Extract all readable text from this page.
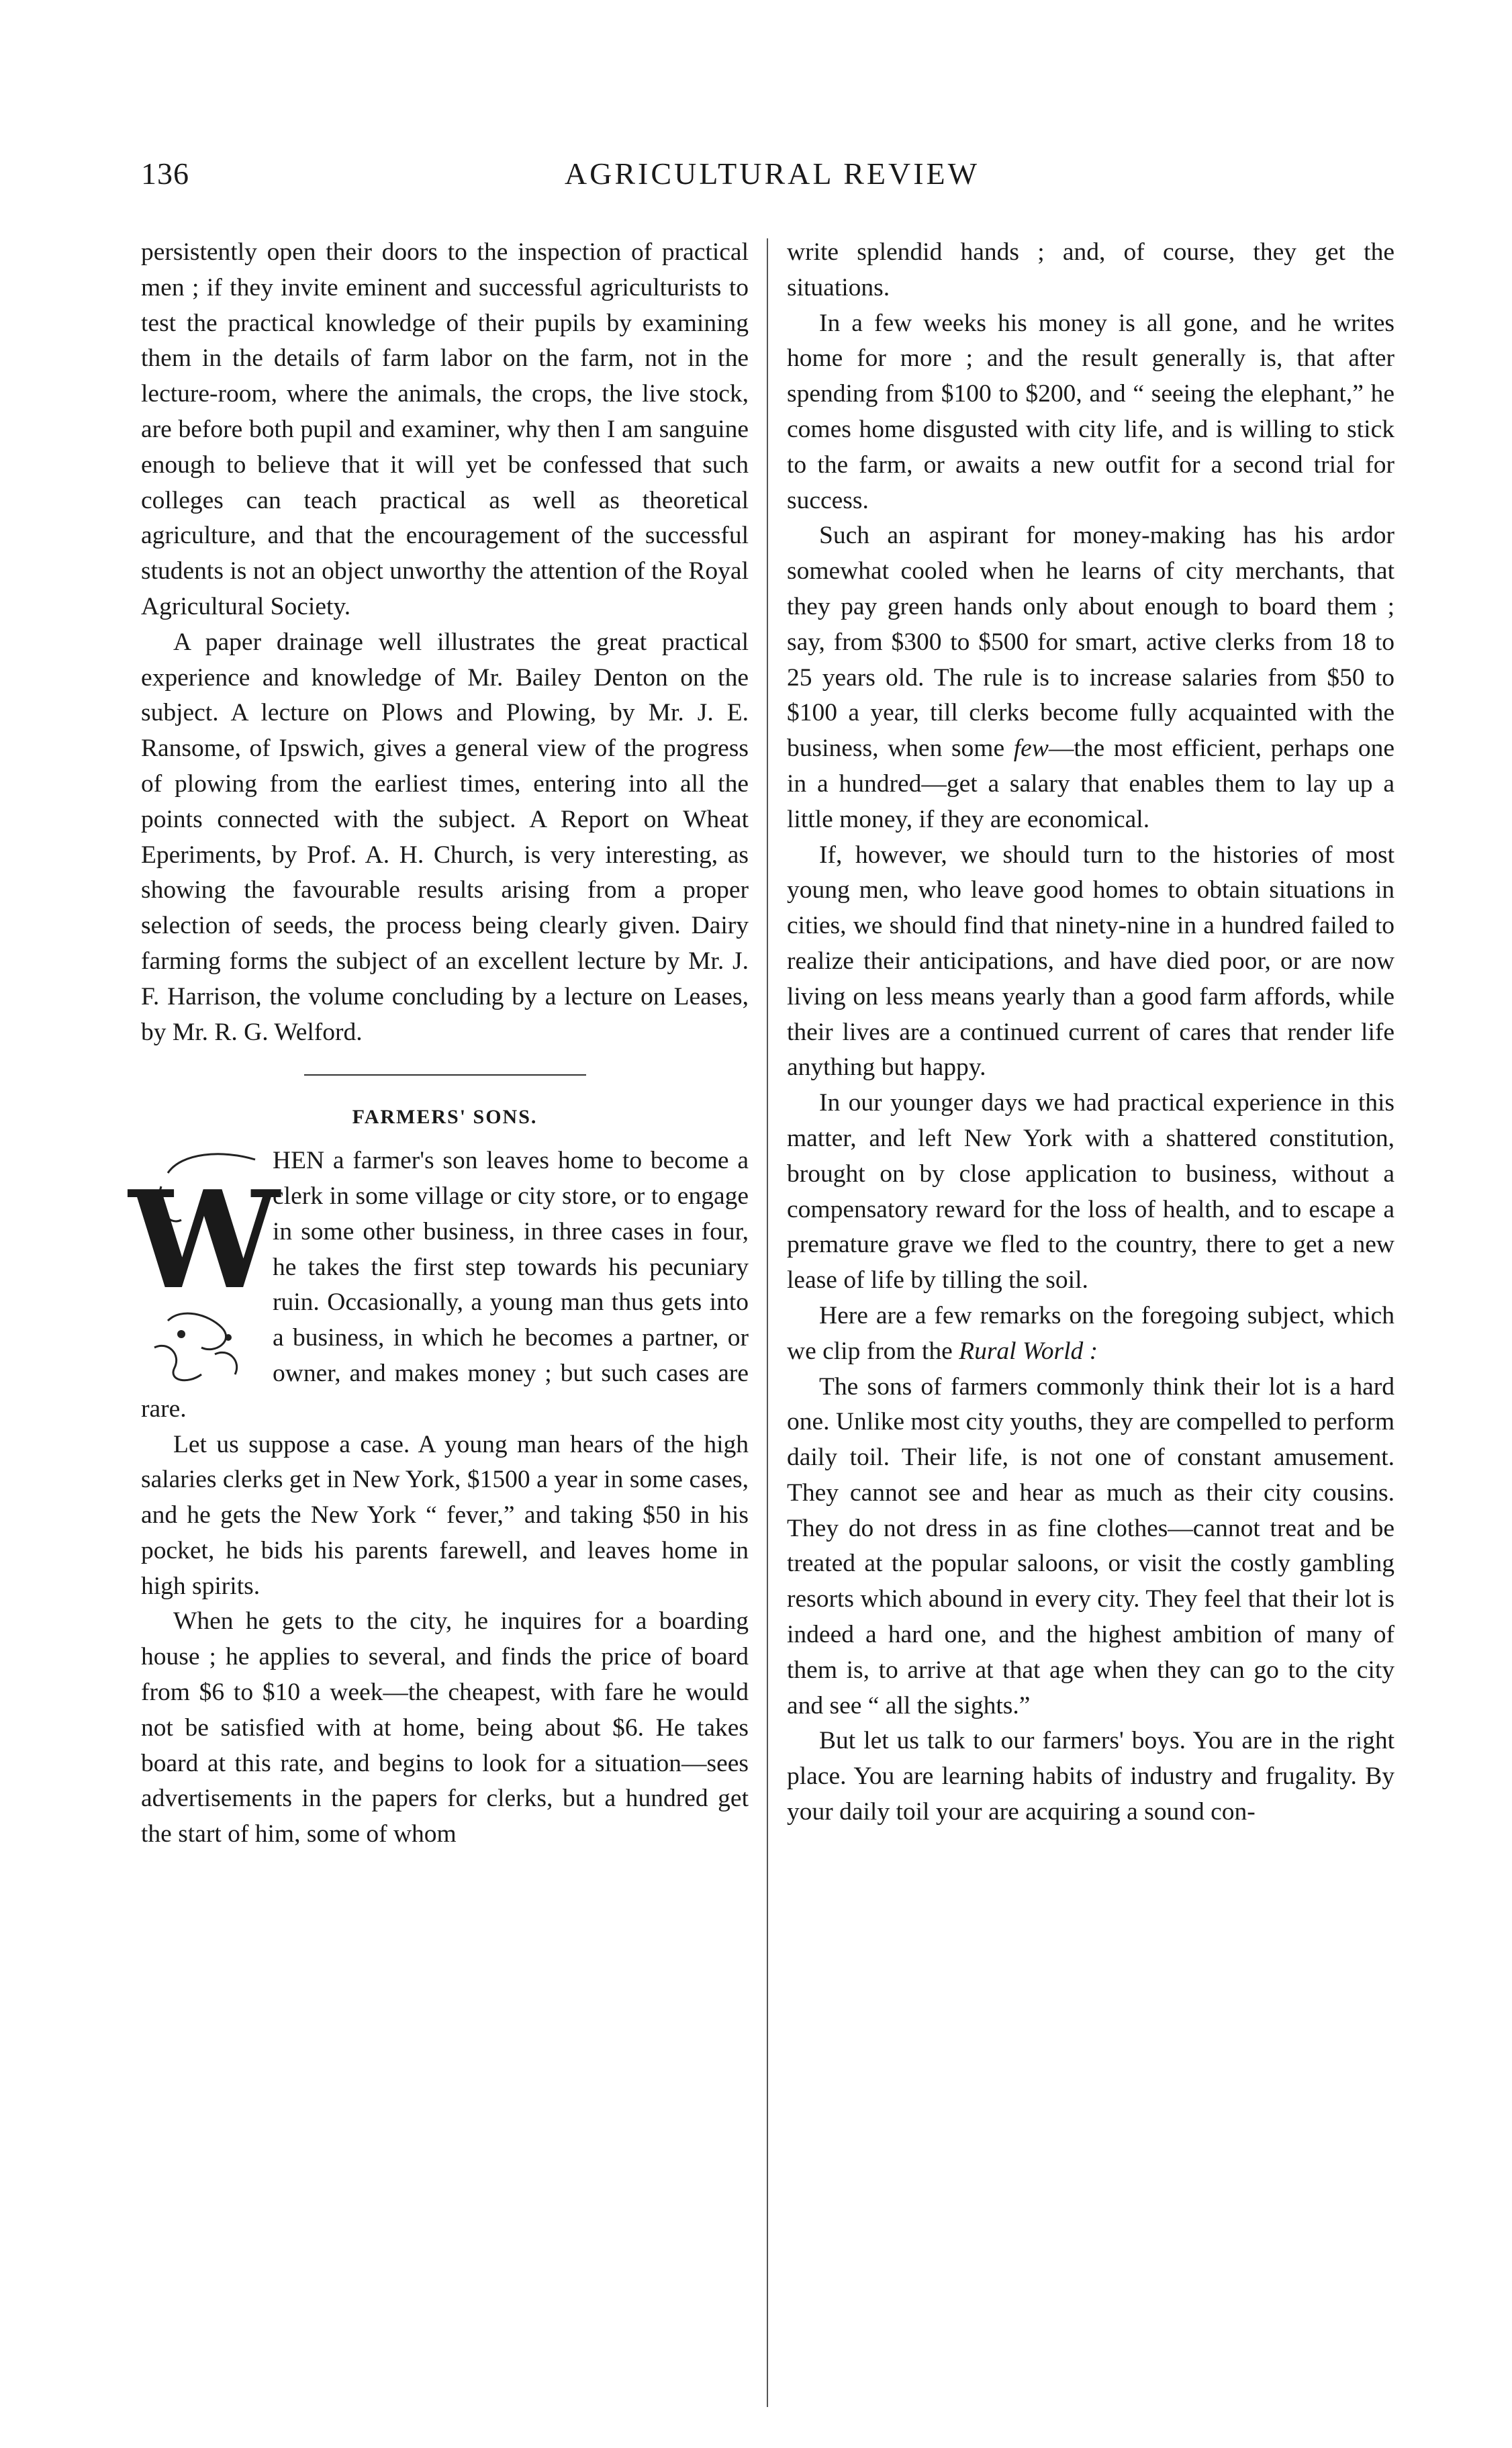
136	AGRICULTURAL REVIEW

persistently open their doors to the inspection of practical men ; if they invite eminent and successful agriculturists to test the practical knowledge of their pupils by examining them in the details of farm labor on the farm, not in the lecture-room, where the animals, the crops, the live stock, are before both pupil and examiner, why then I am sanguine enough to believe that it will yet be confessed that such colleges can teach practical as well as theoretical agriculture, and that the encouragement of the successful students is not an object unworthy the attention of the Royal Agricultural Society.

A paper drainage well illustrates the great practical experience and knowledge of Mr. Bailey Denton on the subject. A lecture on Plows and Plowing, by Mr. J. E. Ransome, of Ipswich, gives a general view of the progress of plowing from the earliest times, entering into all the points connected with the subject. A Report on Wheat Eperiments, by Prof. A. H. Church, is very interesting, as showing the favourable results arising from a proper selection of seeds, the process being clearly given. Dairy farming forms the subject of an excellent lecture by Mr. J. F. Harrison, the volume concluding by a lecture on Leases, by Mr. R. G. Welford.

FARMERS' SONS.
W

HEN a farmer's son leaves home to become a clerk in some village or city store, or to engage in some other business, in three cases in four, he takes the first step towards his pecuniary ruin. Occasionally, a young man thus gets into a business, in which he becomes a partner, or owner, and makes money ; but such cases are rare.

Let us suppose a case. A young man hears of the high salaries clerks get in New York, $1500 a year in some cases, and he gets the New York “ fever,” and taking $50 in his pocket, he bids his parents farewell, and leaves home in high spirits.

When he gets to the city, he inquires for a boarding house ; he applies to several, and finds the price of board from $6 to $10 a week—the cheapest, with fare he would not be satisfied with at home, being about $6. He takes board at this rate, and begins to look for a situation—sees advertisements in the papers for clerks, but a hundred get the start of him, some of whom

write splendid hands ; and, of course, they get the situations.

In a few weeks his money is all gone, and he writes home for more ; and the result generally is, that after spending from $100 to $200, and “ seeing the elephant,” he comes home disgusted with city life, and is willing to stick to the farm, or awaits a new outfit for a second trial for success.

Such an aspirant for money-making has his ardor somewhat cooled when he learns of city merchants, that they pay green hands only about enough to board them ; say, from $300 to $500 for smart, active clerks from 18 to 25 years old. The rule is to increase salaries from $50 to $100 a year, till clerks become fully acquainted with the business, when some few—the most efficient, perhaps one in a hundred—get a salary that enables them to lay up a little money, if they are economical.

If, however, we should turn to the histories of most young men, who leave good homes to obtain situations in cities, we should find that ninety-nine in a hundred failed to realize their anticipations, and have died poor, or are now living on less means yearly than a good farm affords, while their lives are a continued current of cares that render life anything but happy.

In our younger days we had practical experience in this matter, and left New York with a shattered constitution, brought on by close application to business, without a compensatory reward for the loss of health, and to escape a premature grave we fled to the country, there to get a new lease of life by tilling the soil.

Here are a few remarks on the foregoing subject, which we clip from the Rural World :

The sons of farmers commonly think their lot is a hard one. Unlike most city youths, they are compelled to perform daily toil. Their life, is not one of constant amusement. They cannot see and hear as much as their city cousins. They do not dress in as fine clothes—cannot treat and be treated at the popular saloons, or visit the costly gambling resorts which abound in every city. They feel that their lot is indeed a hard one, and the highest ambition of many of them is, to arrive at that age when they can go to the city and see “ all the sights.”

But let us talk to our farmers' boys. You are in the right place. You are learning habits of industry and frugality. By your daily toil your are acquiring a sound con-
